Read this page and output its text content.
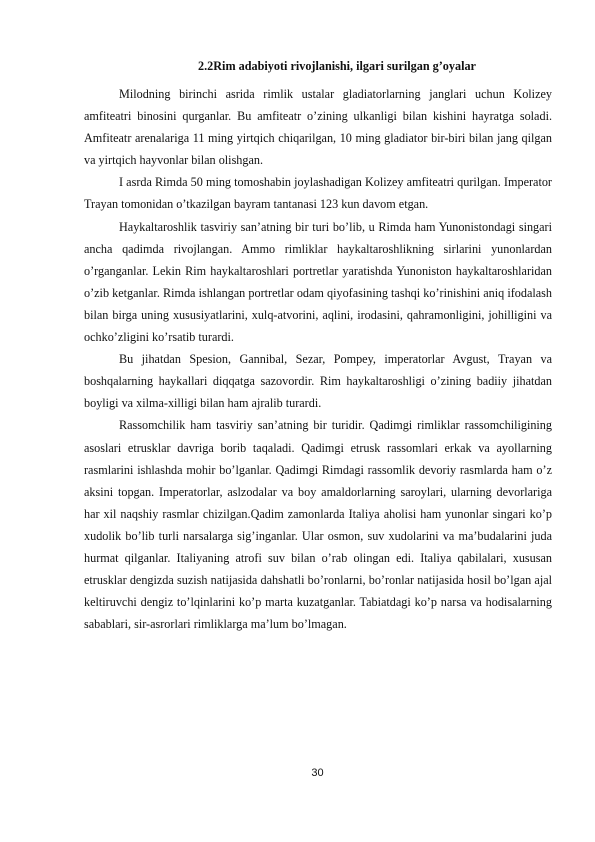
2.2Rim adabiyoti rivojlanishi, ilgari surilgan g’oyalar

Milodning birinchi asrida rimlik ustalar gladiatorlarning janglari uchun Kolizey amfiteatri binosini qurganlar. Bu amfiteatr o’zining ulkanligi bilan kishini hayratga soladi. Amfiteatr arenalariga 11 ming yirtqich chiqarilgan, 10 ming gladiator bir-biri bilan jang qilgan va yirtqich hayvonlar bilan olishgan.

I asrda Rimda 50 ming tomoshabin joylashadigan Kolizey amfiteatri qurilgan. Imperator Trayan tomonidan o’tkazilgan bayram tantanasi 123 kun davom etgan.

Haykaltaroshlik tasviriy san’atning bir turi bo’lib, u Rimda ham Yunonistondagi singari ancha qadimda rivojlangan. Ammo rimliklar haykaltaroshlikning sirlarini yunonlardan o’rganganlar. Lekin Rim haykaltaroshlari portretlar yaratishda Yunoniston haykaltaroshlaridan o’zib ketganlar. Rimda ishlangan portretlar odam qiyofasining tashqi ko’rinishini aniq ifodalash bilan birga uning xususiyatlarini, xulq-atvorini, aqlini, irodasini, qahramonligini, johilligini va ochko’zligini ko’rsatib turardi.

Bu jihatdan Spesion, Gannibal, Sezar, Pompey, imperatorlar Avgust, Trayan va boshqalarning haykallari diqqatga sazovordir. Rim haykaltaroshligi o’zining badiiy jihatdan boyligi va xilma-xilligi bilan ham ajralib turardi.

Rassomchilik ham tasviriy san’atning bir turidir. Qadimgi rimliklar rassomchiligining asoslari etrusklar davriga borib taqaladi. Qadimgi etrusk rassomlari erkak va ayollarning rasmlarini ishlashda mohir bo’lganlar. Qadimgi Rimdagi rassomlik devoriy rasmlarda ham o’z aksini topgan. Imperatorlar, aslzodalar va boy amaldorlarning saroylari, ularning devorlariga har xil naqshiy rasmlar chizilgan.Qadim zamonlarda Italiya aholisi ham yunonlar singari ko’p xudolik bo’lib turli narsalarga sig’inganlar. Ular osmon, suv xudolarini va ma’budalarini juda hurmat qilganlar. Italiyaning atrofi suv bilan o’rab olingan edi. Italiya qabilalari, xususan etrusklar dengizda suzish natijasida dahshatli bo’ronlarni, bo’ronlar natijasida hosil bo’lgan ajal keltiruvchi dengiz to’lqinlarini ko’p marta kuzatganlar. Tabiatdagi ko’p narsa va hodisalarning sabablari, sir-asrorlari rimliklarga ma’lum bo’lmagan.

30
